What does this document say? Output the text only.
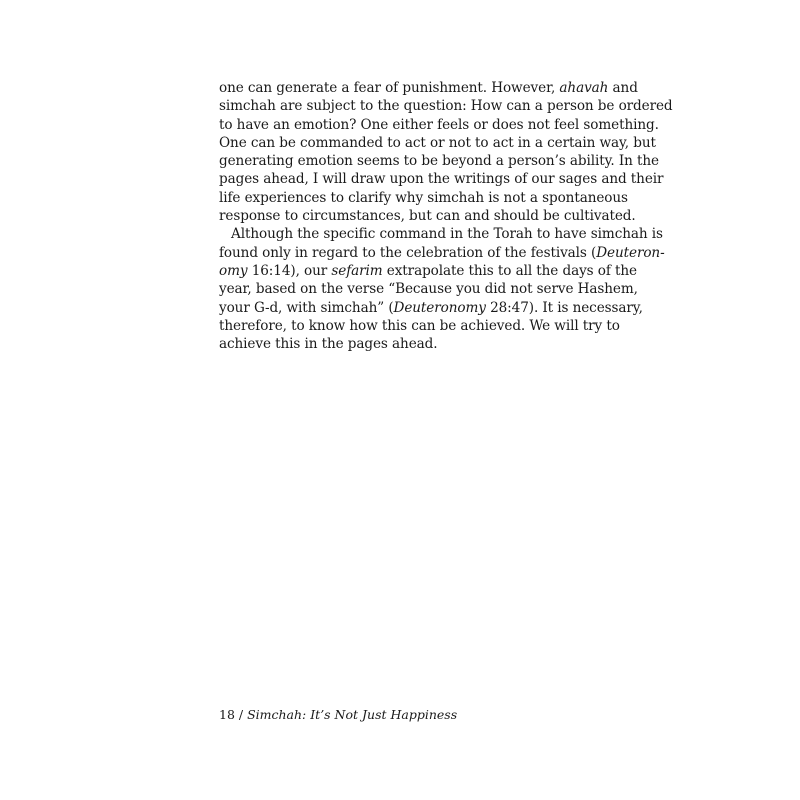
one can generate a fear of punishment. However, ahavah and
simchah are subject to the question: How can a person be ordered
to have an emotion? One either feels or does not feel something.
One can be commanded to act or not to act in a certain way, but
generating emotion seems to be beyond a person’s ability. In the
pages ahead, I will draw upon the writings of our sages and their
life experiences to clarify why simchah is not a spontaneous
response to circumstances, but can and should be cultivated.
Although the specific command in the Torah to have simchah is
found only in regard to the celebration of the festivals (Deuteron-
omy 16:14), our sefarim extrapolate this to all the days of the
year, based on the verse “Because you did not serve Hashem,
your G-d, with simchah” (Deuteronomy 28:47). It is necessary,
therefore, to know how this can be achieved. We will try to
achieve this in the pages ahead.
18 / Simchah: It’s Not Just Happiness
